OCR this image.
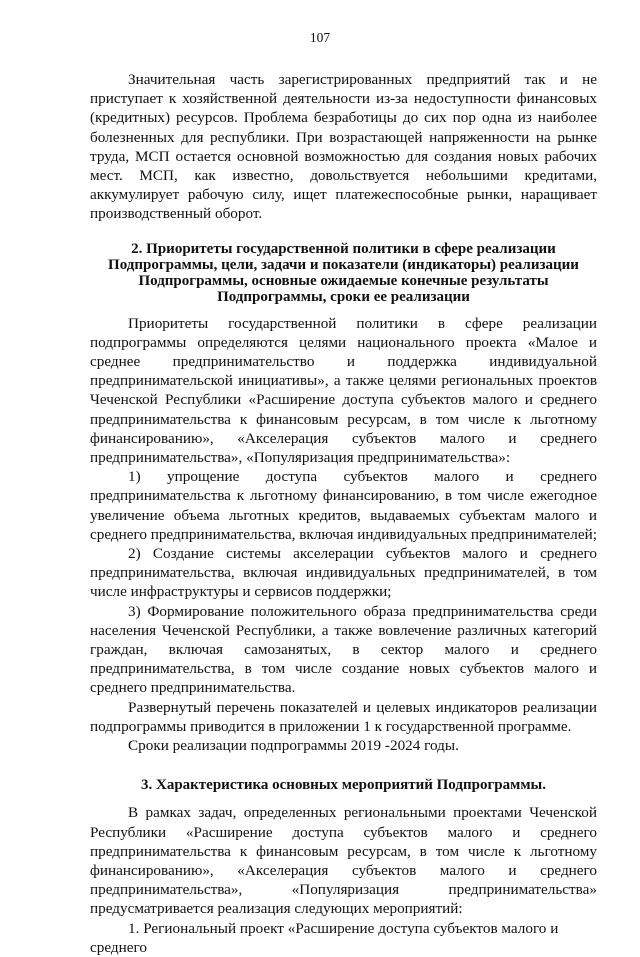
107

Значительная часть зарегистрированных предприятий так и не приступает к хозяйственной деятельности из-за недоступности финансовых (кредитных) ресурсов. Проблема безработицы до сих пор одна из наиболее болезненных для республики. При возрастающей напряженности на рынке труда, МСП остается основной возможностью для создания новых рабочих мест. МСП, как известно, довольствуется небольшими кредитами, аккумулирует рабочую силу, ищет платежеспособные рынки, наращивает производственный оборот.

2. Приоритеты государственной политики в сфере реализации Подпрограммы, цели, задачи и показатели (индикаторы) реализации Подпрограммы, основные ожидаемые конечные результаты Подпрограммы, сроки ее реализации

Приоритеты государственной политики в сфере реализации подпрограммы определяются целями национального проекта «Малое и среднее предпринимательство и поддержка индивидуальной предпринимательской инициативы», а также целями региональных проектов Чеченской Республики «Расширение доступа субъектов малого и среднего предпринимательства к финансовым ресурсам, в том числе к льготному финансированию», «Акселерация субъектов малого и среднего предпринимательства», «Популяризация предпринимательства»:

1) упрощение доступа субъектов малого и среднего предпринимательства к льготному финансированию, в том числе ежегодное увеличение объема льготных кредитов, выдаваемых субъектам малого и среднего предпринимательства, включая индивидуальных предпринимателей;

2) Создание системы акселерации субъектов малого и среднего предпринимательства, включая индивидуальных предпринимателей, в том числе инфраструктуры и сервисов поддержки;

3) Формирование положительного образа предпринимательства среди населения Чеченской Республики, а также вовлечение различных категорий граждан, включая самозанятых, в сектор малого и среднего предпринимательства, в том числе создание новых субъектов малого и среднего предпринимательства.

Развернутый перечень показателей и целевых индикаторов реализации подпрограммы приводится в приложении 1 к государственной программе.

Сроки реализации подпрограммы 2019 -2024 годы.

3. Характеристика основных мероприятий Подпрограммы.

В рамках задач, определенных региональными проектами Чеченской Республики «Расширение доступа субъектов малого и среднего предпринимательства к финансовым ресурсам, в том числе к льготному финансированию», «Акселерация субъектов малого и среднего предпринимательства», «Популяризация предпринимательства» предусматривается реализация следующих мероприятий:

1. Региональный проект «Расширение доступа субъектов малого и среднего
